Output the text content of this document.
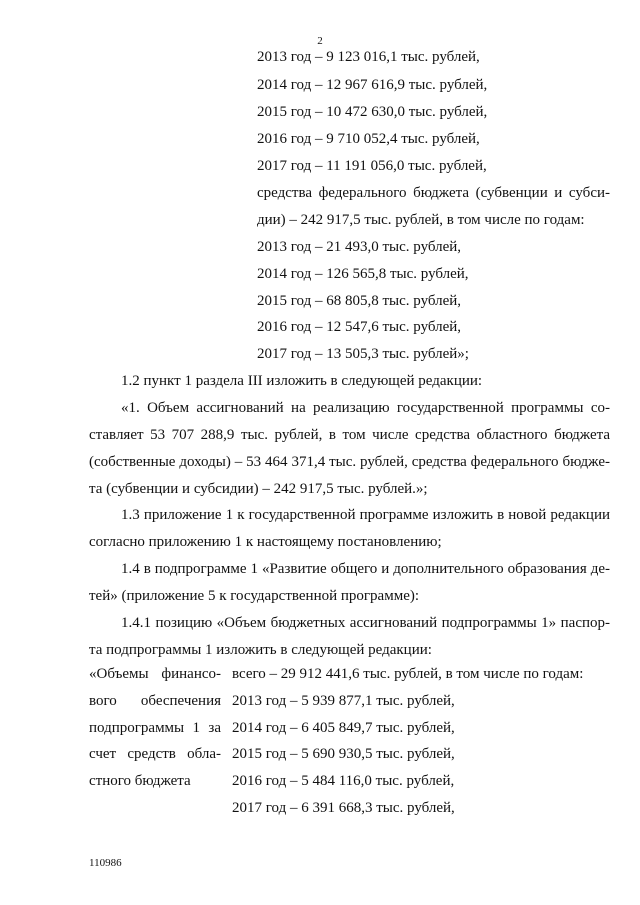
2
2013 год – 9 123 016,1 тыс. рублей,
2014 год – 12 967 616,9 тыс. рублей,
2015 год – 10 472 630,0 тыс. рублей,
2016 год – 9 710 052,4 тыс. рублей,
2017 год – 11 191 056,0 тыс. рублей,
средства федерального бюджета (субвенции и субси-
дии) – 242 917,5 тыс. рублей, в том числе по годам:
2013 год – 21 493,0 тыс. рублей,
2014 год – 126 565,8 тыс. рублей,
2015 год – 68 805,8 тыс. рублей,
2016 год – 12 547,6 тыс. рублей,
2017 год – 13 505,3 тыс. рублей»;
1.2 пункт 1 раздела III изложить в следующей редакции:
«1. Объем ассигнований на реализацию государственной программы со-
ставляет 53 707 288,9 тыс. рублей, в том числе средства областного бюджета
(собственные доходы) – 53 464 371,4 тыс. рублей, средства федерального бюдже-
та (субвенции и субсидии) – 242 917,5 тыс. рублей.»;
1.3 приложение 1 к государственной программе изложить в новой редакции
согласно приложению 1 к настоящему постановлению;
1.4 в подпрограмме 1 «Развитие общего и дополнительного образования де-
тей» (приложение 5 к государственной программе):
1.4.1 позицию «Объем бюджетных ассигнований подпрограммы 1» паспор-
та подпрограммы 1 изложить в следующей редакции:
«Объемы финансо-
вого обеспечения
подпрограммы 1 за
счет средств обла-
стного бюджета
всего – 29 912 441,6 тыс. рублей, в том числе по годам:
2013 год – 5 939 877,1 тыс. рублей,
2014 год – 6 405 849,7 тыс. рублей,
2015 год – 5 690 930,5 тыс. рублей,
2016 год – 5 484 116,0 тыс. рублей,
2017 год – 6 391 668,3 тыс. рублей,
110986
